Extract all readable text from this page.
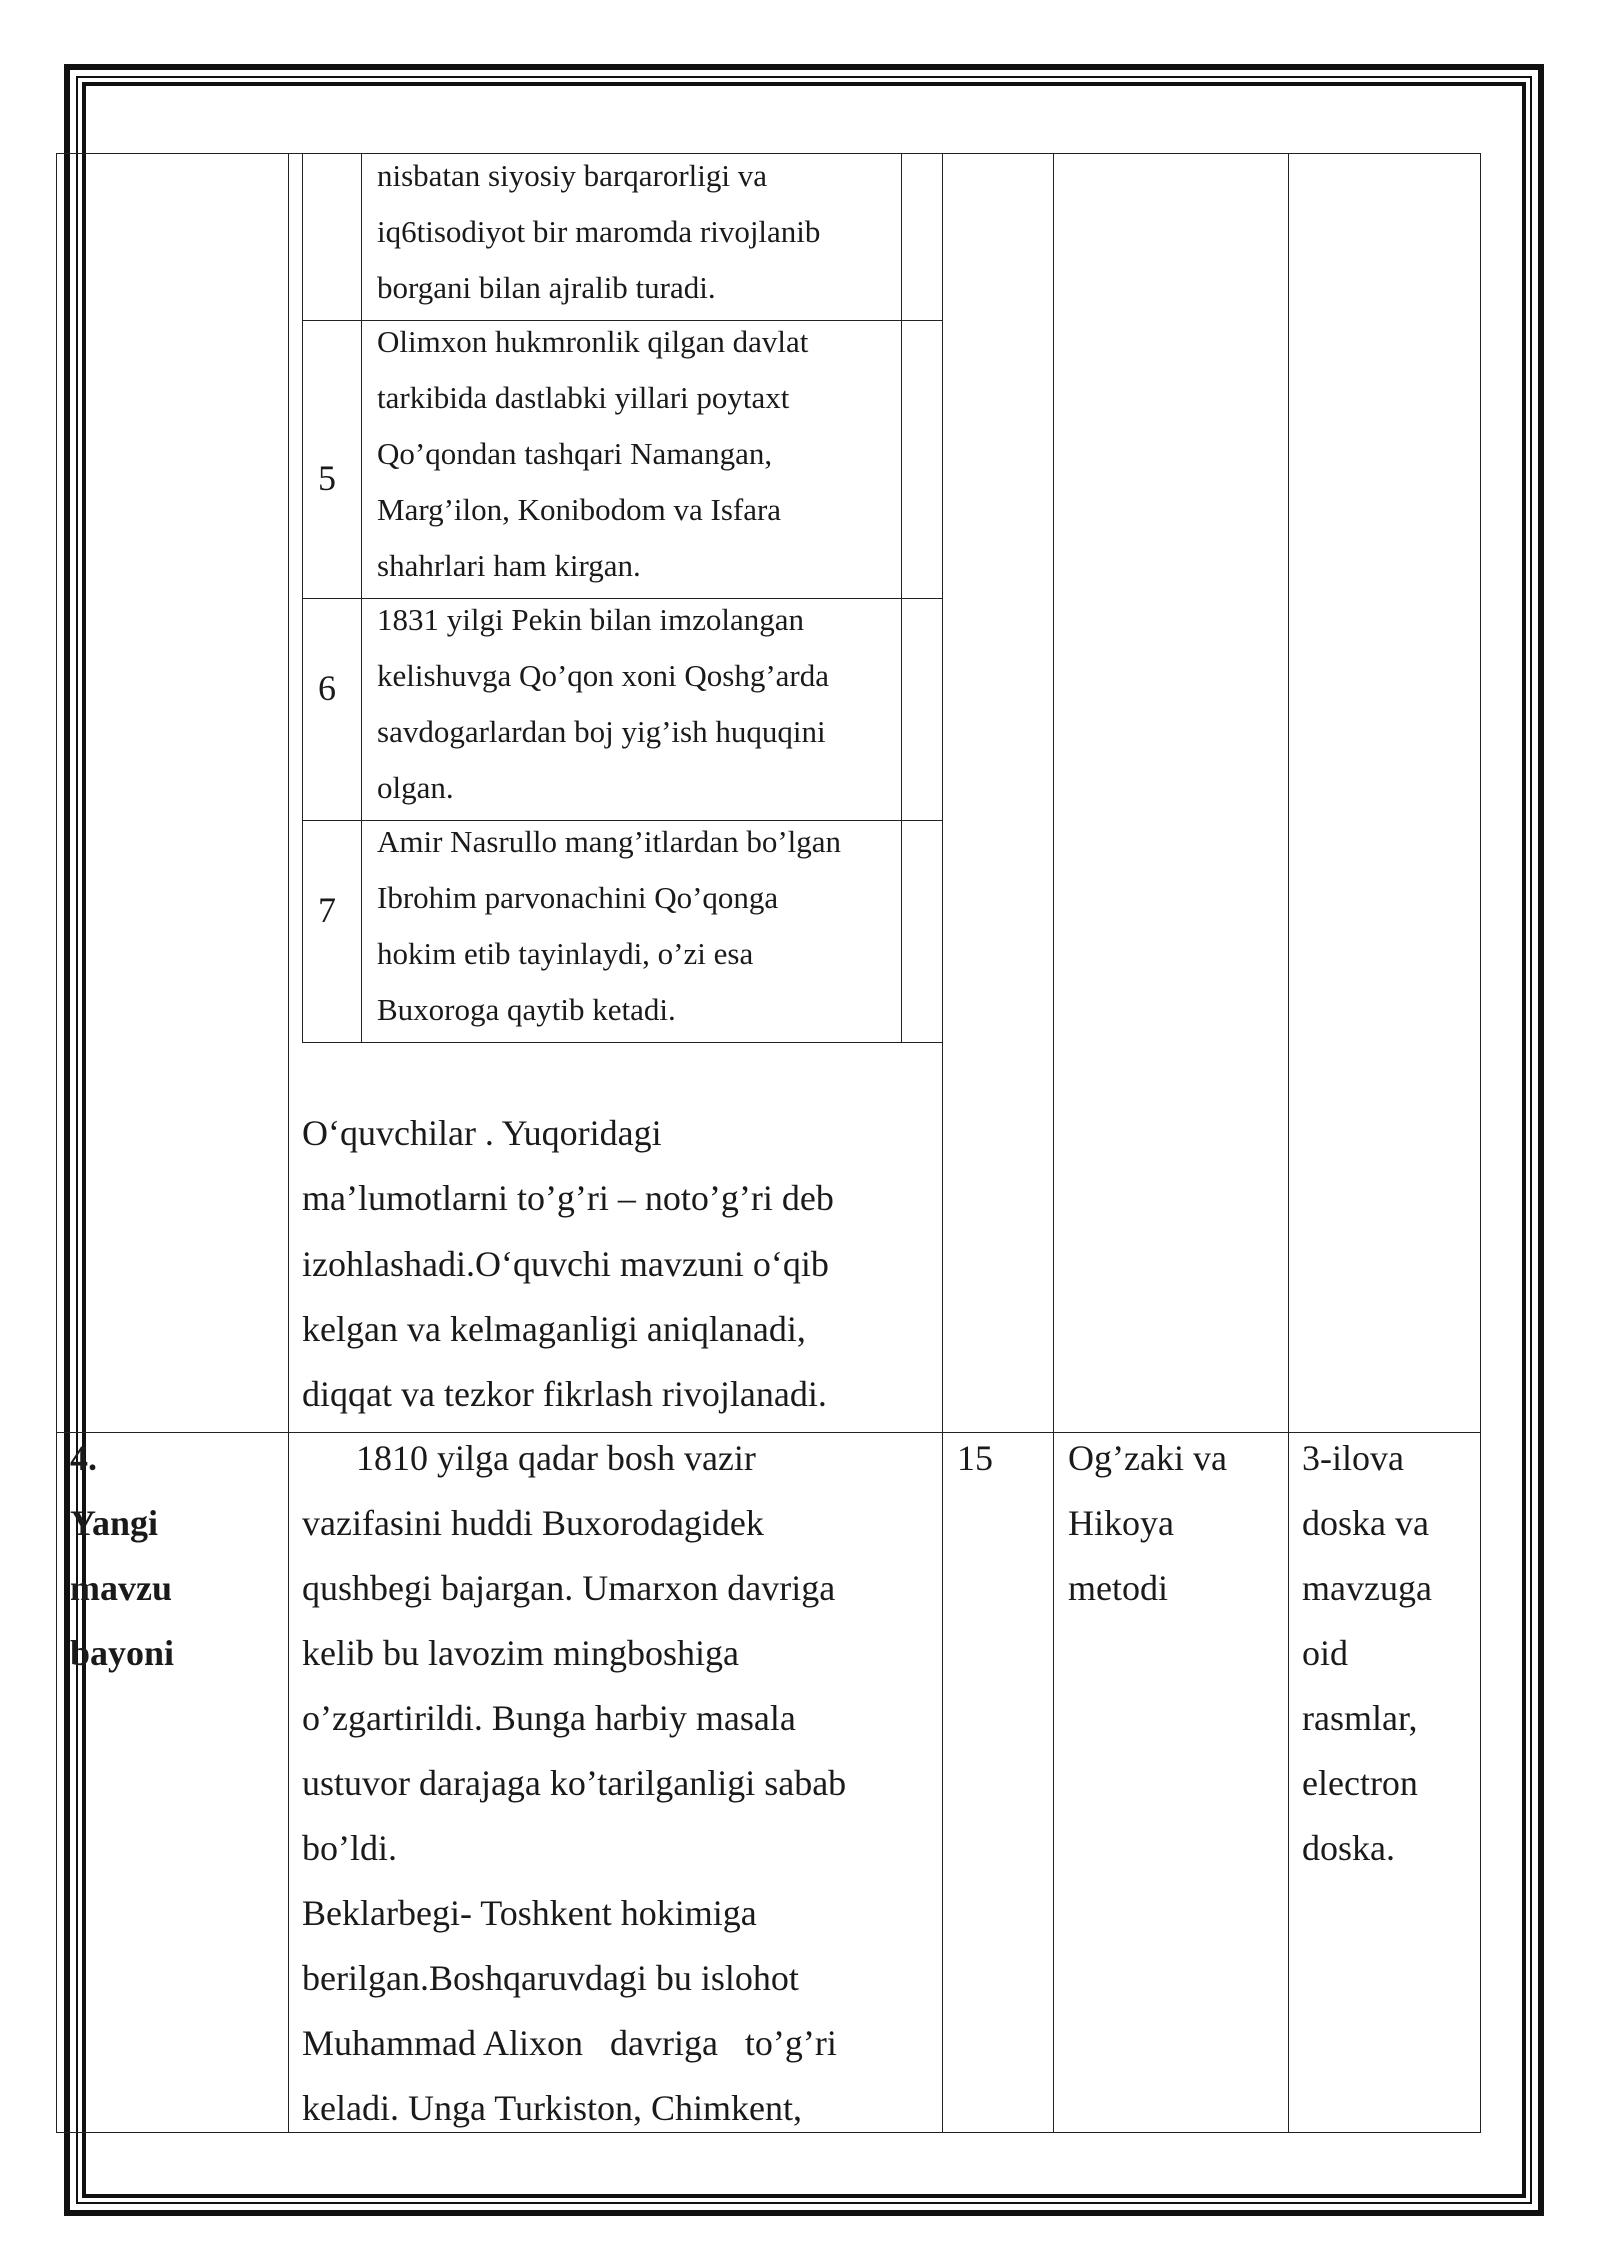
nisbatan siyosiy barqarorligi va
iq6tisodiyot bir maromda rivojlanib
borgani bilan ajralib turadi.
5
Olimxon hukmronlik qilgan davlat
tarkibida dastlabki yillari poytaxt
Qo’qondan tashqari Namangan,
Marg’ilon, Konibodom va Isfara
shahrlari ham kirgan.
6
1831 yilgi Pekin bilan imzolangan
kelishuvga Qo’qon xoni Qoshg’arda
savdogarlardan boj yig’ish huquqini
olgan.
7
Amir Nasrullo mang’itlardan bo’lgan
Ibrohim parvonachini Qo’qonga
hokim etib tayinlaydi, o’zi esa
Buxoroga qaytib ketadi.
O‘quvchilar . Yuqoridagi
ma’lumotlarni to’g’ri – noto’g’ri deb
izohlashadi.O‘quvchi mavzuni o‘qib
kelgan va kelmaganligi aniqlanadi,
diqqat va tezkor fikrlash rivojlanadi.
4.
Yangi
mavzu
bayoni
1810 yilga qadar bosh vazir
vazifasini huddi Buxorodagidek
qushbegi bajargan. Umarxon davriga
kelib bu lavozim mingboshiga
o’zgartirildi. Bunga harbiy masala
ustuvor darajaga ko’tarilganligi sabab
bo’ldi.
Beklarbegi- Toshkent hokimiga
berilgan.Boshqaruvdagi bu islohot
Muhammad Alixon   davriga   to’g’ri
keladi. Unga Turkiston, Chimkent,
15 Og’zaki va
Hikoya
metodi
3-ilova
doska va
mavzuga
oid
rasmlar,
electron
doska.
